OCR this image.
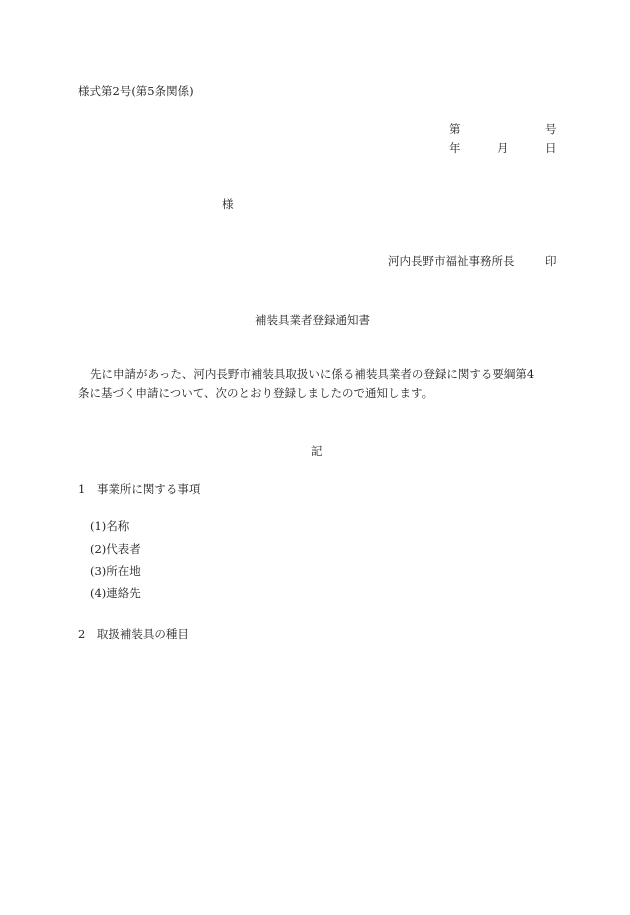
様式第2号(第5条関係)
第	号
年	月	日
様
河内長野市福祉事務所長	印
補装具業者登録通知書
先に申請があった、河内長野市補装具取扱いに係る補装具業者の登録に関する要綱第4
条に基づく申請について、次のとおり登録しましたので通知します。
記
1　事業所に関する事項
(1)名称
(2)代表者
(3)所在地
(4)連絡先
2　取扱補装具の種目
